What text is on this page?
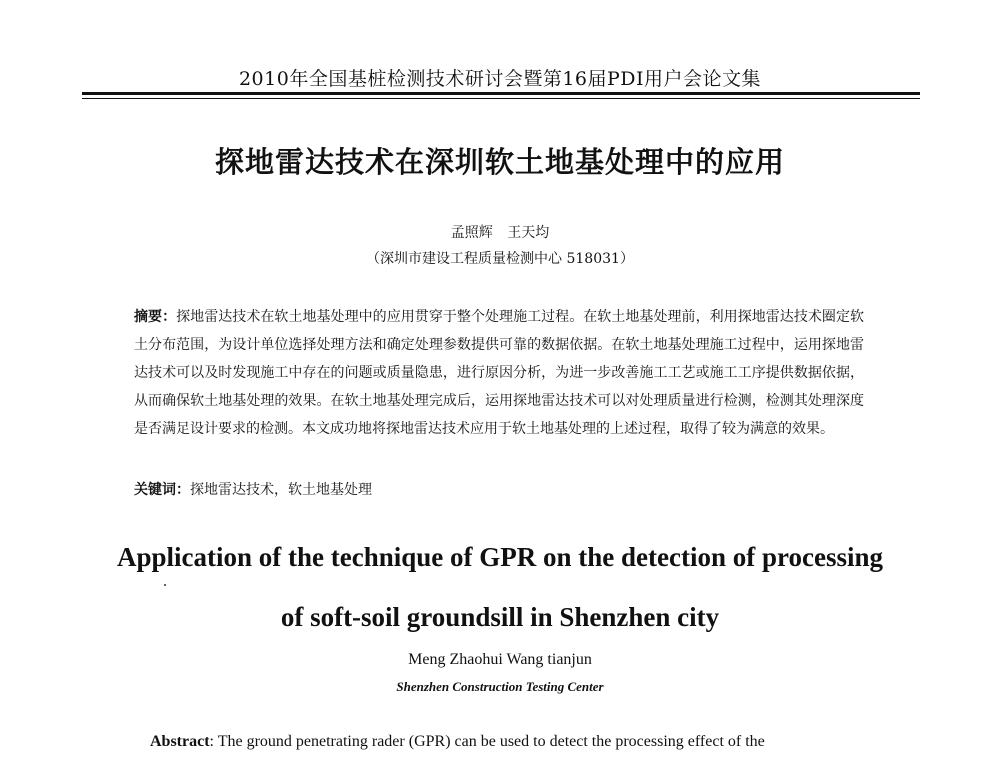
2010年全国基桩检测技术研讨会暨第16届PDI用户会论文集
探地雷达技术在深圳软土地基处理中的应用
孟照辉 王天均
（深圳市建设工程质量检测中心 518031）
摘要：探地雷达技术在软土地基处理中的应用贯穿于整个处理施工过程。在软土地基处理前，利用探地雷达技术圈定软土分布范围，为设计单位选择处理方法和确定处理参数提供可靠的数据依据。在软土地基处理施工过程中，运用探地雷达技术可以及时发现施工中存在的问题或质量隐患，进行原因分析，为进一步改善施工工艺或施工工序提供数据依据，从而确保软土地基处理的效果。在软土地基处理完成后，运用探地雷达技术可以对处理质量进行检测，检测其处理深度是否满足设计要求的检测。本文成功地将探地雷达技术应用于软土地基处理的上述过程，取得了较为满意的效果。
关键词：探地雷达技术，软土地基处理
Application of the technique of GPR on the detection of processing
of soft-soil groundsill in Shenzhen city
Meng Zhaohui Wang tianjun
Shenzhen Construction Testing Center
Abstract: The ground penetrating rader (GPR) can be used to detect the processing effect of the
